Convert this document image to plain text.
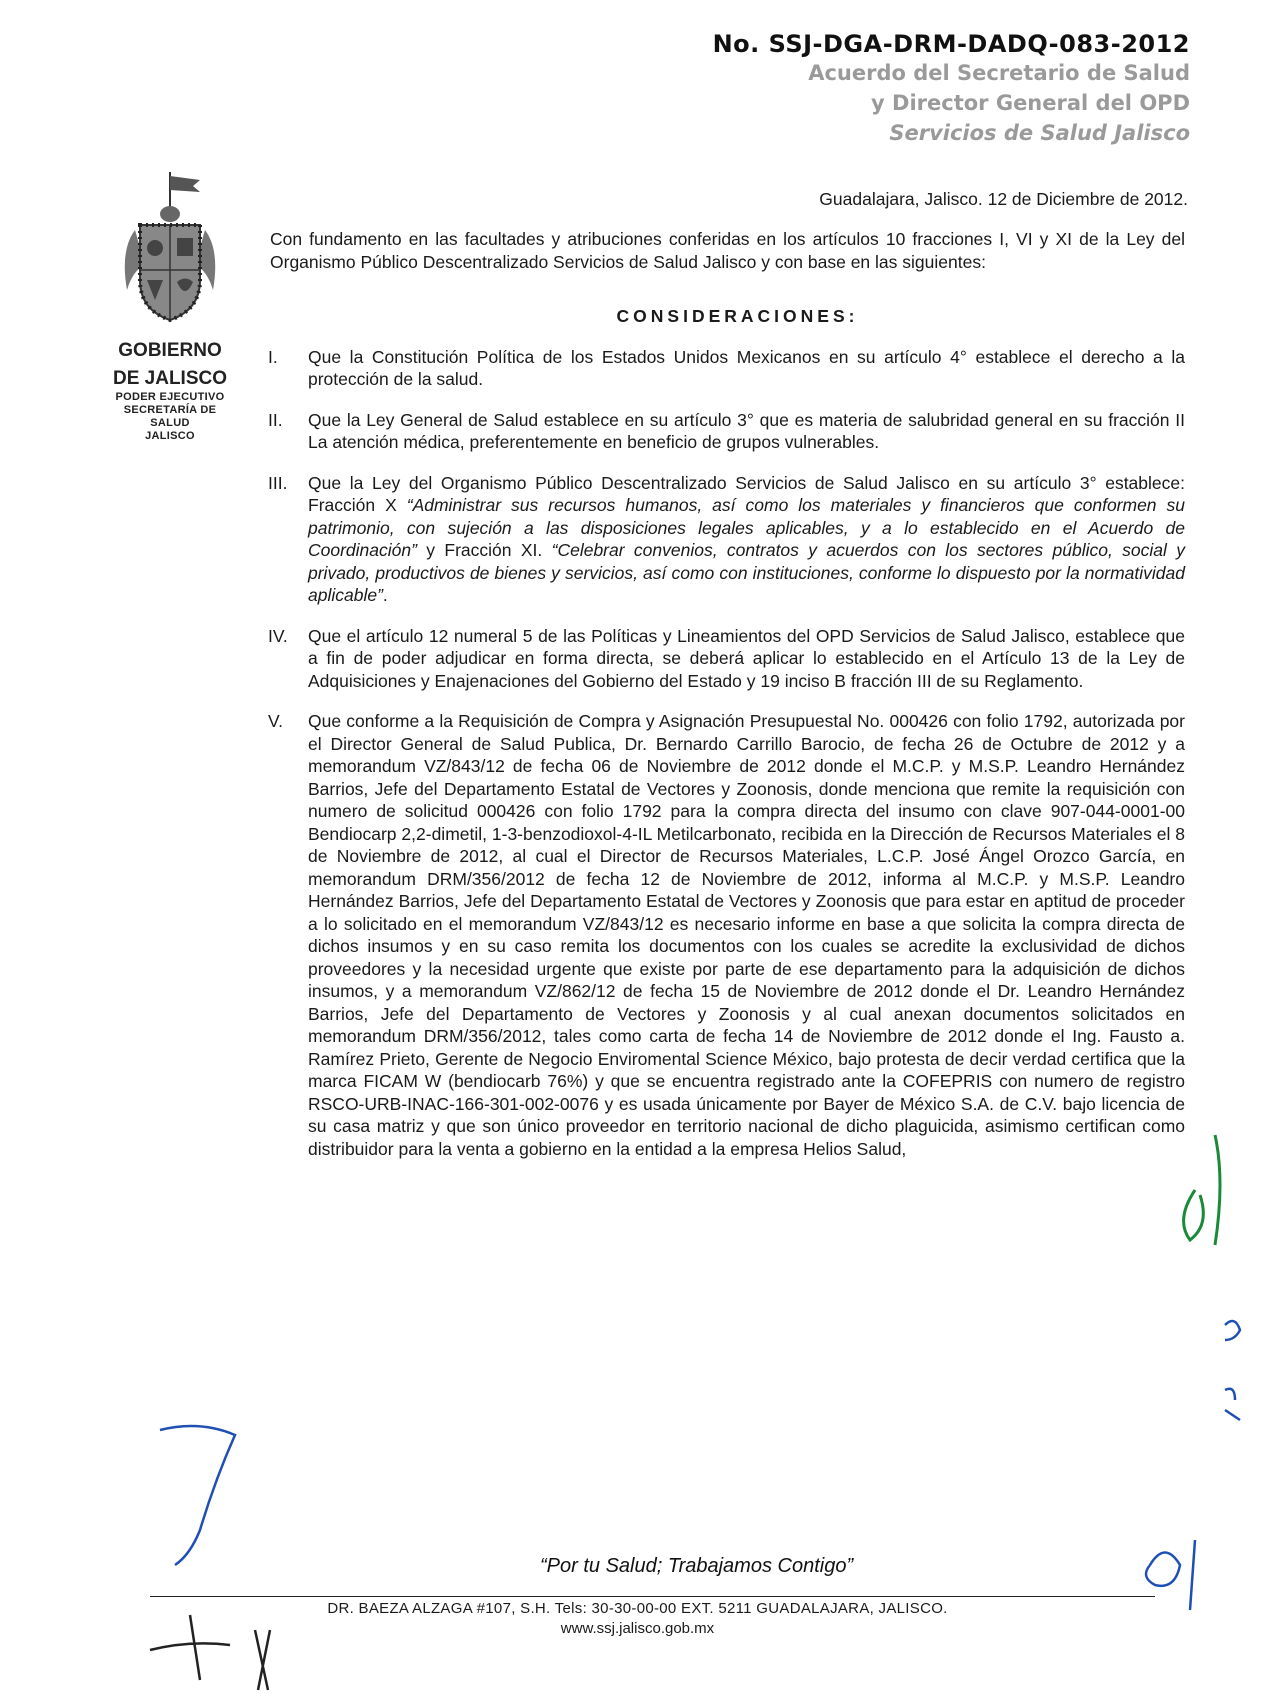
No. SSJ-DGA-DRM-DADQ-083-2012
Acuerdo del Secretario de Salud
y Director General del OPD
Servicios de Salud Jalisco
GOBIERNO
DE JALISCO
PODER EJECUTIVO
SECRETARÍA DE
SALUD
JALISCO
Guadalajara, Jalisco. 12 de Diciembre de 2012.

Con fundamento en las facultades y atribuciones conferidas en los artículos 10 fracciones I, VI y XI de la Ley del Organismo Público Descentralizado Servicios de Salud Jalisco y con base en las siguientes:

CONSIDERACIONES:
I.	Que la Constitución Política de los Estados Unidos Mexicanos en su artículo 4° establece el derecho a la protección de la salud.

II.	Que la Ley General de Salud establece en su artículo 3° que es materia de salubridad general en su fracción II La atención médica, preferentemente en beneficio de grupos vulnerables.

III.	Que la Ley del Organismo Público Descentralizado Servicios de Salud Jalisco en su artículo 3° establece: Fracción X “Administrar sus recursos humanos, así como los materiales y financieros que conformen su patrimonio, con sujeción a las disposiciones legales aplicables, y a lo establecido en el Acuerdo de Coordinación” y Fracción XI. “Celebrar convenios, contratos y acuerdos con los sectores público, social y privado, productivos de bienes y servicios, así como con instituciones, conforme lo dispuesto por la normatividad aplicable”.

IV.	Que el artículo 12 numeral 5 de las Políticas y Lineamientos del OPD Servicios de Salud Jalisco, establece que a fin de poder adjudicar en forma directa, se deberá aplicar lo establecido en el Artículo 13 de la Ley de Adquisiciones y Enajenaciones del Gobierno del Estado y 19 inciso B fracción III de su Reglamento.

V.	Que conforme a la Requisición de Compra y Asignación Presupuestal No. 000426 con folio 1792, autorizada por el Director General de Salud Publica, Dr. Bernardo Carrillo Barocio, de fecha 26 de Octubre de 2012 y a memorandum VZ/843/12 de fecha 06 de Noviembre de 2012 donde el M.C.P. y M.S.P. Leandro Hernández Barrios, Jefe del Departamento Estatal de Vectores y Zoonosis, donde menciona que remite la requisición con numero de solicitud 000426 con folio 1792 para la compra directa del insumo con clave 907-044-0001-00 Bendiocarp 2,2-dimetil, 1-3-benzodioxol-4-IL Metilcarbonato, recibida en la Dirección de Recursos Materiales el 8 de Noviembre de 2012, al cual el Director de Recursos Materiales, L.C.P. José Ángel Orozco García, en memorandum DRM/356/2012 de fecha 12 de Noviembre de 2012, informa al M.C.P. y M.S.P. Leandro Hernández Barrios, Jefe del Departamento Estatal de Vectores y Zoonosis que para estar en aptitud de proceder a lo solicitado en el memorandum VZ/843/12 es necesario informe en base a que solicita la compra directa de dichos insumos y en su caso remita los documentos con los cuales se acredite la exclusividad de dichos proveedores y la necesidad urgente que existe por parte de ese departamento para la adquisición de dichos insumos, y a memorandum VZ/862/12 de fecha 15 de Noviembre de 2012 donde el Dr. Leandro Hernández Barrios, Jefe del Departamento de Vectores y Zoonosis y al cual anexan documentos solicitados en memorandum DRM/356/2012, tales como carta de fecha 14 de Noviembre de 2012 donde el Ing. Fausto a. Ramírez Prieto, Gerente de Negocio Enviromental Science México, bajo protesta de decir verdad certifica que la marca FICAM W (bendiocarb 76%) y que se encuentra registrado ante la COFEPRIS con numero de registro RSCO-URB-INAC-166-301-002-0076 y es usada únicamente por Bayer de México S.A. de C.V. bajo licencia de su casa matriz y que son único proveedor en territorio nacional de dicho plaguicida, asimismo certifican como distribuidor para la venta a gobierno en la entidad a la empresa Helios Salud,

“Por tu Salud; Trabajamos Contigo”
DR. BAEZA ALZAGA #107, S.H. Tels: 30-30-00-00 EXT. 5211 GUADALAJARA, JALISCO.
www.ssj.jalisco.gob.mx
